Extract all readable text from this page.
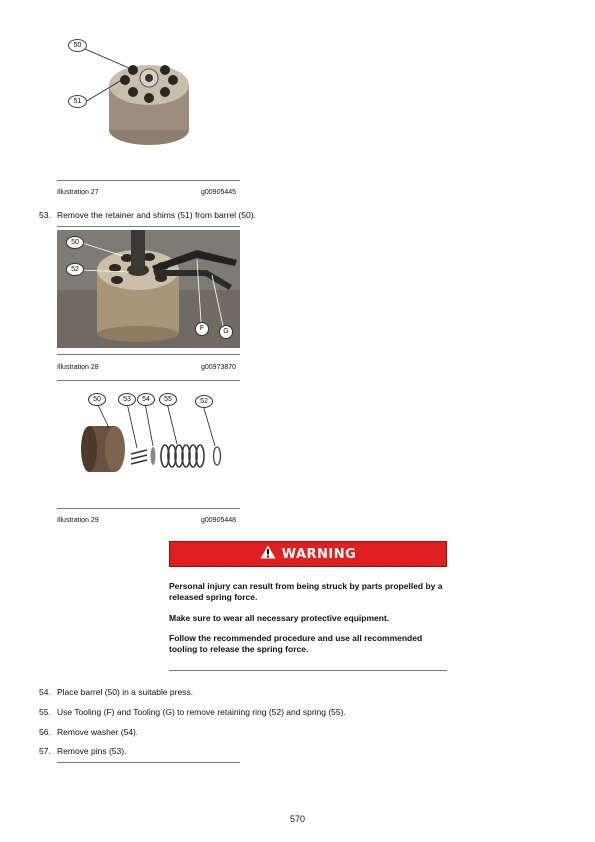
50
51
Illustration 27	g00905445
53. Remove the retainer and shims (51) from barrel (50).
50
52
F	G
Illustration 28	g00973870
50	53	54	55	52
Illustration 29	g00905448
WARNING
Personal injury can result from being struck by parts propelled by a released spring force.
Make sure to wear all necessary protective equipment.
Follow the recommended procedure and use all recommended tooling to release the spring force.
54. Place barrel (50) in a suitable press.
55. Use Tooling (F) and Tooling (G) to remove retaining ring (52) and spring (55).
56. Remove washer (54).
57. Remove pins (53).
570
